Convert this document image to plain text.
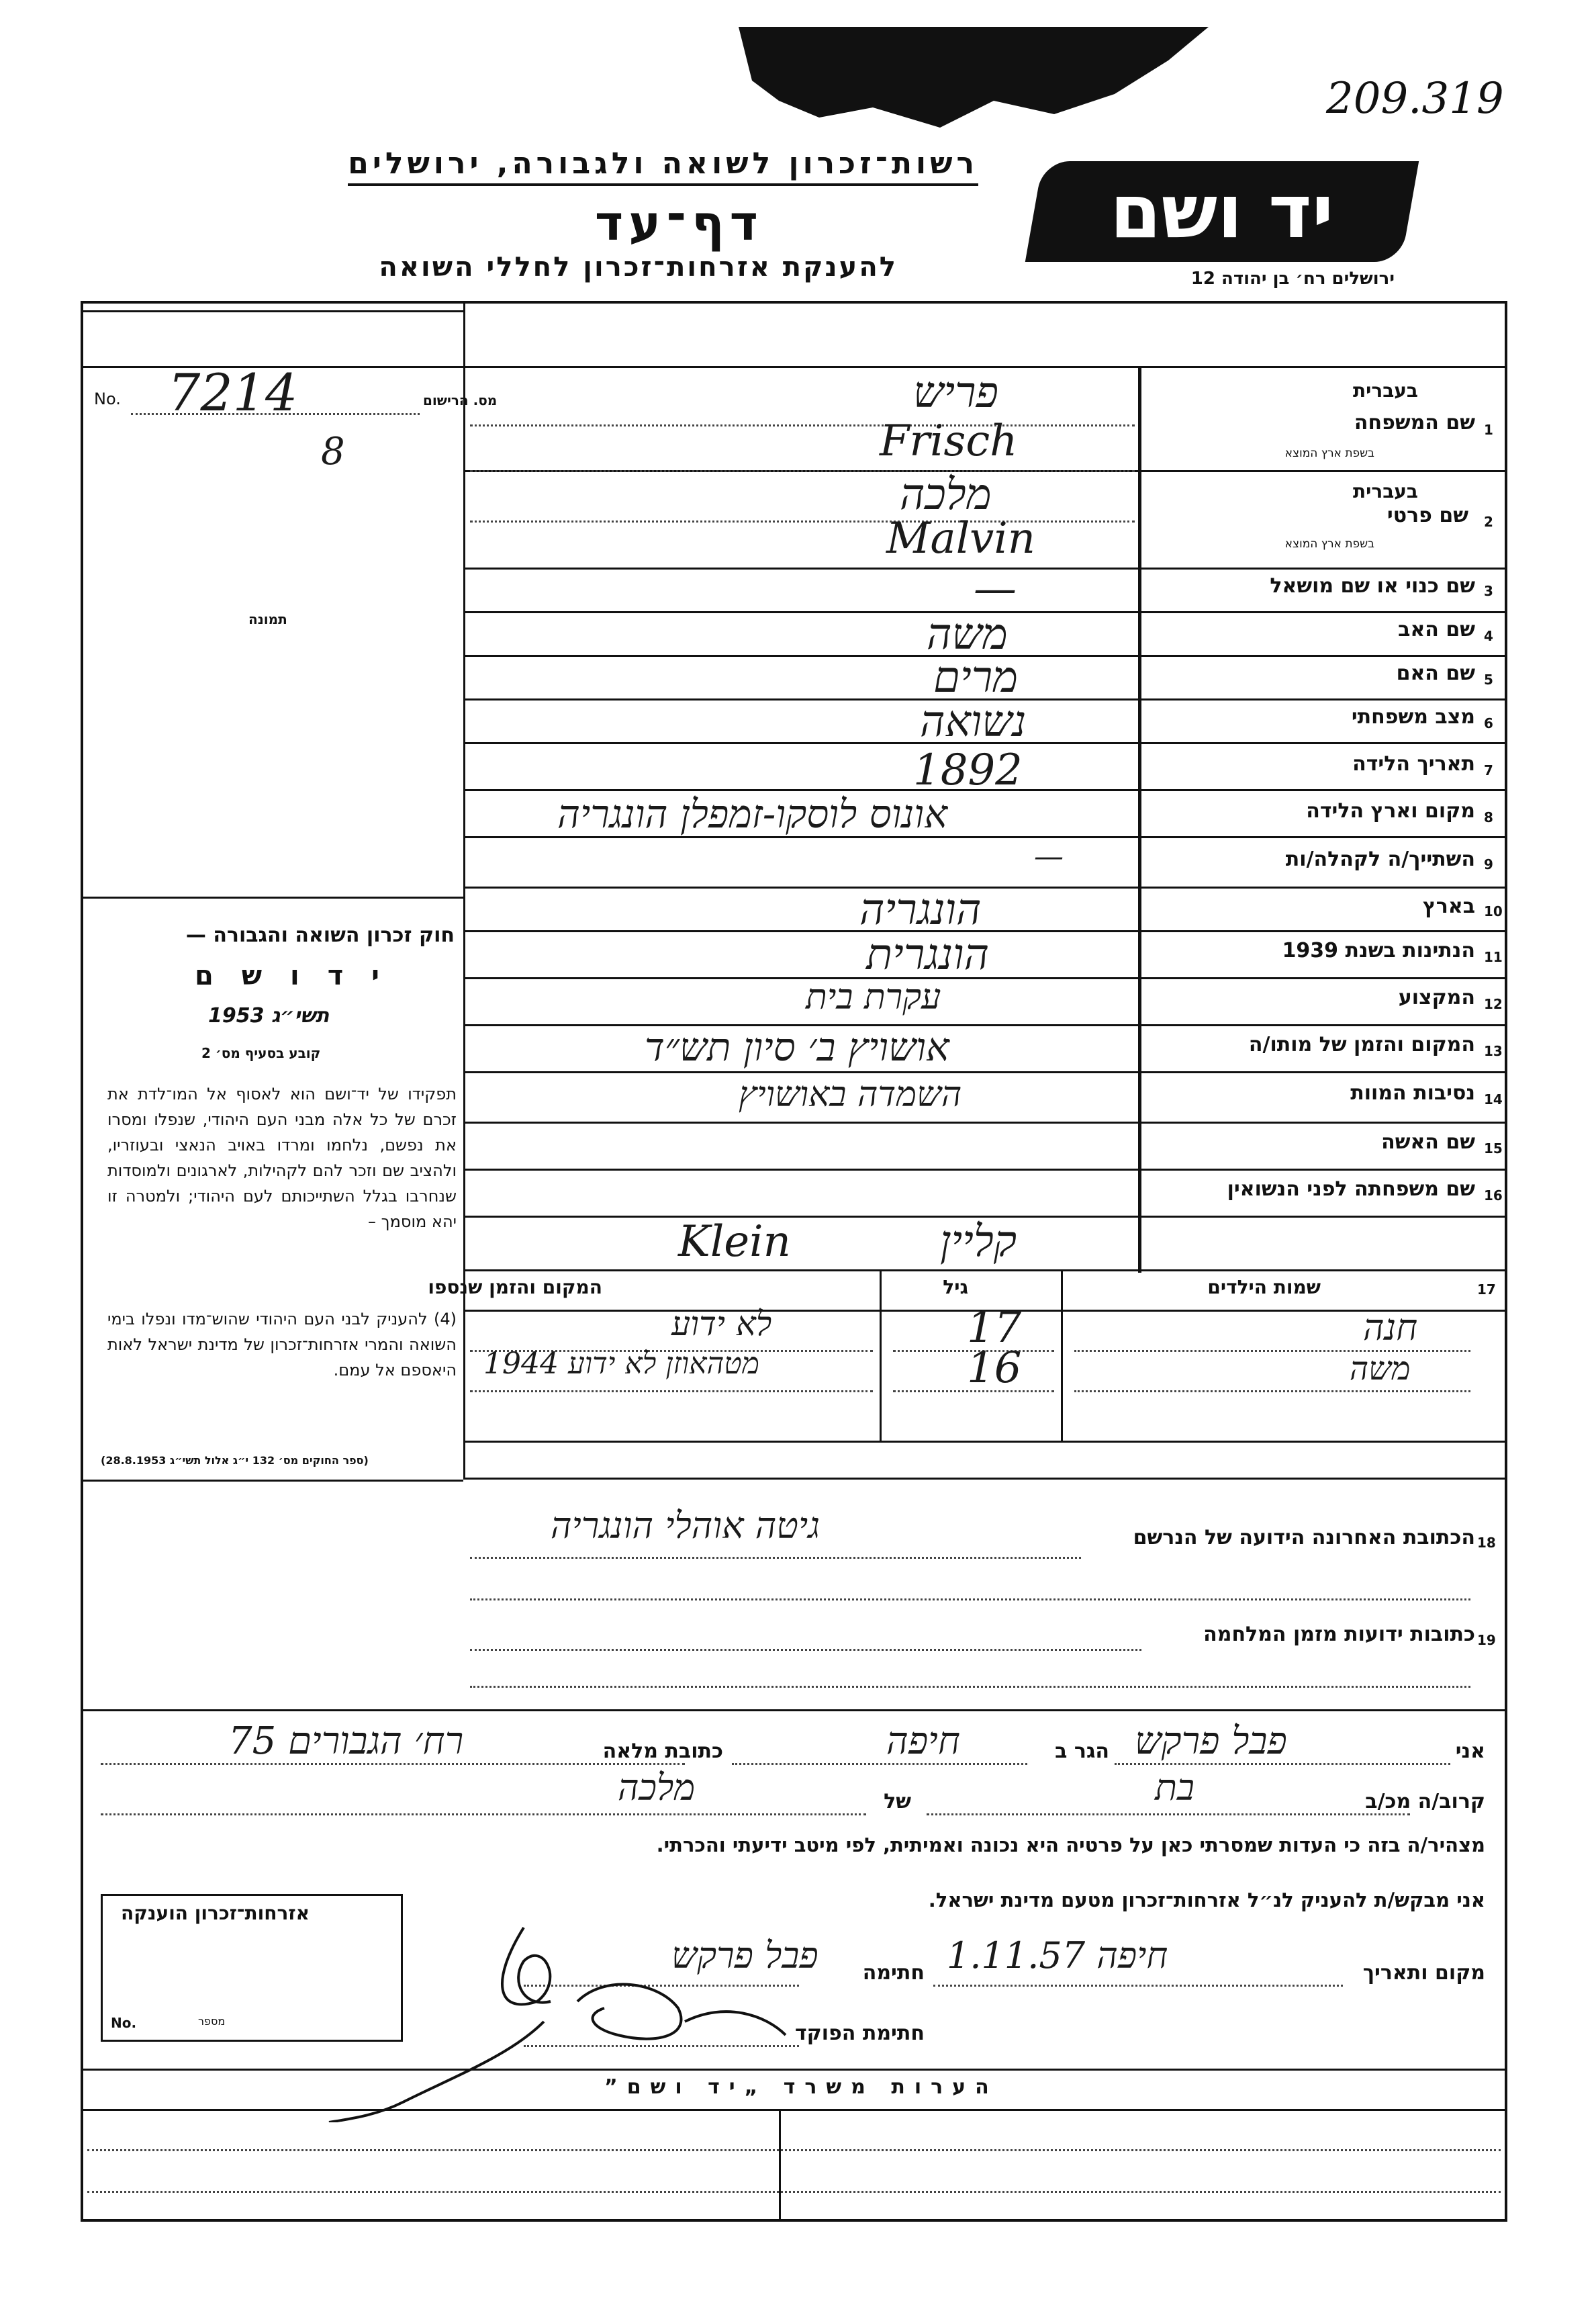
209.319
רשות־זכרון לשואה ולגבורה, ירושלים
דף־עד
להענקת אזרחות־זכרון לחללי השואה
יד ושם
ירושלים רח׳ בן יהודה 12
No.	מס. הרישום
7214
8
תמונה
חוק זכרון השואה והגבורה —
י ד ו ש ם
תשי״ג 1953
קובע בסעיף מס׳ 2
תפקידו של יד־ושם הוא לאסוף אל המו־לדת את זכרם של כל אלה מבני העם היהודי, שנפלו ומסרו את נפשם, נלחמו ומרדו באויב הנאצי ובעוזריו, ולהציב שם וזכר להם לקהילות, לארגונים ולמוסדות שנחרבו בגלל השתייכותם לעם היהודי; ולמטרה זו יהא מוסמך –
(4) להעניק לבני העם היהודי שהוש־מדו ונפלו בימי השואה והמרי אזרחות־זכרון של מדינת ישראל לאות היאספם אל עמם.
(ספר החוקים מס׳ 132 י״ג אלול תשי״ג 28.8.1953)
1
שם המשפחה
בעברית
בשפת ארץ המוצא
פריש
Frisch
2
שם פרטי
בעברית
בשפת ארץ המוצא
מלכה
Malvin
3
שם כנוי או שם מושאל
—
4
שם האב
משה
5
שם האם
מרים
6
מצב משפחתי
נשואה
7
תאריך הלידה
1892
8
מקום וארץ הלידה
אונוס לוסקו-זמפלן הונגריה
9
השתייך/ה לקהלה/ות
—
10
בארץ
הונגריה
11
הנתינות בשנת 1939
הונגרית
12
המקצוע
עקרת בית
13
המקום והזמן של מותו/ה
אושויץ ב׳ סיון תש״ד
14
נסיבות המוות
השמדה באושויץ
15
שם האשה
16
שם משפחתה לפני הנשואין
קליין
Klein
17
שמות הילדים
גיל
המקום והזמן שנספו
חנה
17
לא ידוע
משה
16
מטהאוזן לא ידוע 1944
18
הכתובת האחרונה הידועה של הנרשם
גיטה אוהלי הונגריה
19
כתובות ידועות מזמן המלחמה
אני
פבל פרקש
הגר ב
חיפה
כתובת מלאה
רח׳ הגבורים 75
קרוב/ה מכ/ב
בת
של
מלכה
מצהיר/ה בזה כי העדות שמסרתי כאן על פרטיה היא נכונה ואמיתית, לפי מיטב ידיעתי והכרתי.
אני מבקש/ת להעניק לנ״ל אזרחות־זכרון מטעם מדינת ישראל.
אזרחות־זכרון הוענקה
No.	מספר
מקום ותאריך
חיפה 1.11.57
חתימה
פבל פרקש
חתימת הפוקד
הערות משרד „יד ושם”
